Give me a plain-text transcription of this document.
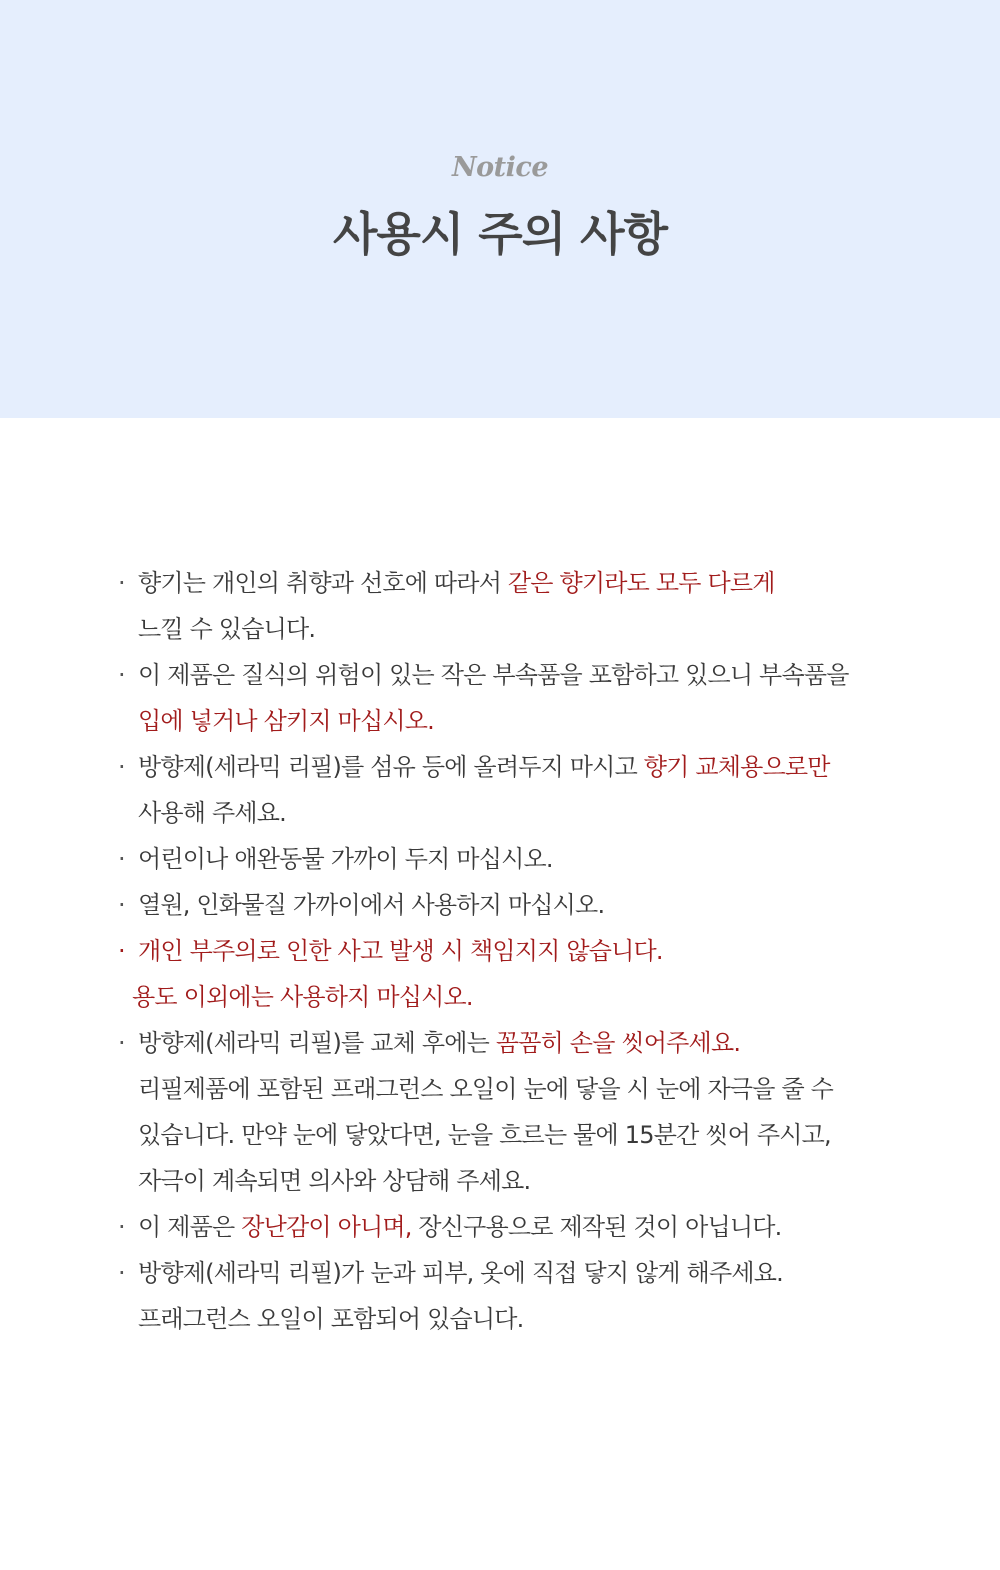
Notice
사용시 주의 사항
· 향기는 개인의 취향과 선호에 따라서 같은 향기라도 모두 다르게
느낄 수 있습니다.
· 이 제품은 질식의 위험이 있는 작은 부속품을 포함하고 있으니 부속품을
입에 넣거나 삼키지 마십시오.
· 방향제(세라믹 리필)를 섬유 등에 올려두지 마시고 향기 교체용으로만
사용해 주세요.
· 어린이나 애완동물 가까이 두지 마십시오.
· 열원, 인화물질 가까이에서 사용하지 마십시오.
· 개인 부주의로 인한 사고 발생 시 책임지지 않습니다.
용도 이외에는 사용하지 마십시오.
· 방향제(세라믹 리필)를 교체 후에는 꼼꼼히 손을 씻어주세요.
리필제품에 포함된 프래그런스 오일이 눈에 닿을 시 눈에 자극을 줄 수
있습니다. 만약 눈에 닿았다면, 눈을 흐르는 물에 15분간 씻어 주시고,
자극이 계속되면 의사와 상담해 주세요.
· 이 제품은 장난감이 아니며, 장신구용으로 제작된 것이 아닙니다.
· 방향제(세라믹 리필)가 눈과 피부, 옷에 직접 닿지 않게 해주세요.
프래그런스 오일이 포함되어 있습니다.
